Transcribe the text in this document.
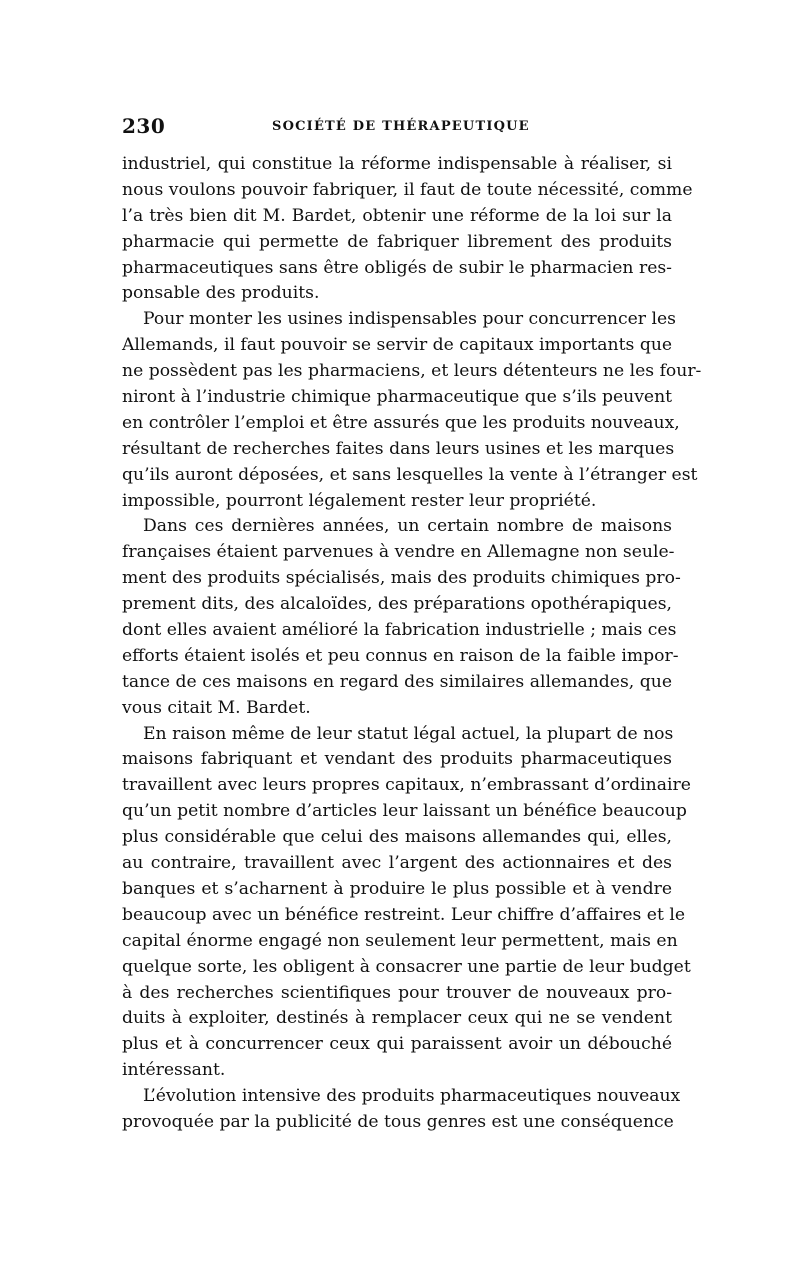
230	SOCIÉTÉ DE THÉRAPEUTIQUE
industriel, qui constitue la réforme indispensable à réaliser, si
nous voulons pouvoir fabriquer, il faut de toute nécessité, comme
l’a très bien dit M. Bardet, obtenir une réforme de la loi sur la
pharmacie qui permette de fabriquer librement des produits
pharmaceutiques sans être obligés de subir le pharmacien res-
ponsable des produits.
Pour monter les usines indispensables pour concurrencer les
Allemands, il faut pouvoir se servir de capitaux importants que
ne possèdent pas les pharmaciens, et leurs détenteurs ne les four-
niront à l’industrie chimique pharmaceutique que s’ils peuvent
en contrôler l’emploi et être assurés que les produits nouveaux,
résultant de recherches faites dans leurs usines et les marques
qu’ils auront déposées, et sans lesquelles la vente à l’étranger est
impossible, pourront légalement rester leur propriété.
Dans ces dernières années, un certain nombre de maisons
françaises étaient parvenues à vendre en Allemagne non seule-
ment des produits spécialisés, mais des produits chimiques pro-
prement dits, des alcaloïdes, des préparations opothérapiques,
dont elles avaient amélioré la fabrication industrielle ; mais ces
efforts étaient isolés et peu connus en raison de la faible impor-
tance de ces maisons en regard des similaires allemandes, que
vous citait M. Bardet.
En raison même de leur statut légal actuel, la plupart de nos
maisons fabriquant et vendant des produits pharmaceutiques
travaillent avec leurs propres capitaux, n’embrassant d’ordinaire
qu’un petit nombre d’articles leur laissant un bénéfice beaucoup
plus considérable que celui des maisons allemandes qui, elles,
au contraire, travaillent avec l’argent des actionnaires et des
banques et s’acharnent à produire le plus possible et à vendre
beaucoup avec un bénéfice restreint. Leur chiffre d’affaires et le
capital énorme engagé non seulement leur permettent, mais en
quelque sorte, les obligent à consacrer une partie de leur budget
à des recherches scientifiques pour trouver de nouveaux pro-
duits à exploiter, destinés à remplacer ceux qui ne se vendent
plus et à concurrencer ceux qui paraissent avoir un débouché
intéressant.
L’évolution intensive des produits pharmaceutiques nouveaux
provoquée par la publicité de tous genres est une conséquence
